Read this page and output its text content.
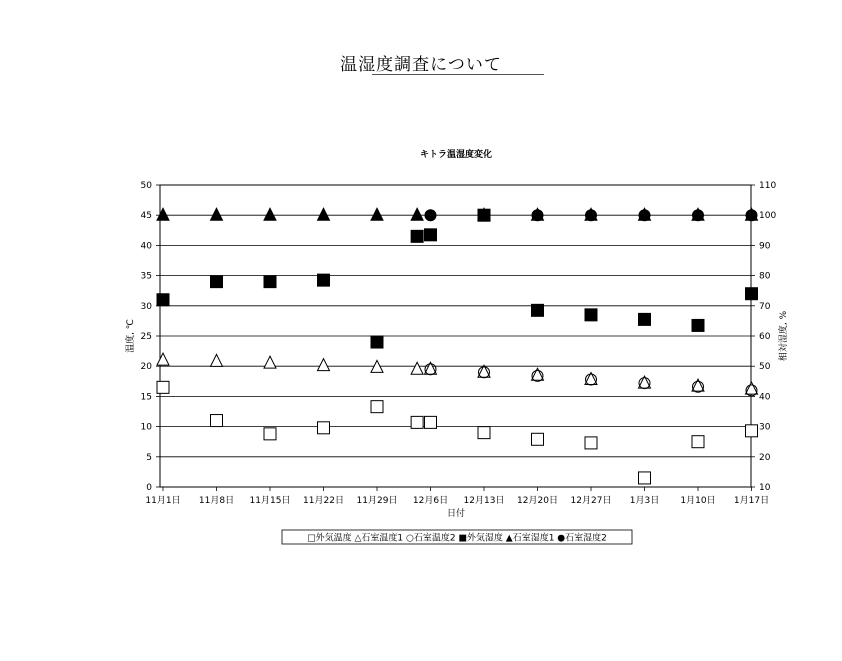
温湿度調査について
キトラ温湿度変化
0
5
10
15
20
25
30
35
40
45
50
10
20
30
40
50
60
70
80
90
100
110
11月1日 11月8日 11月15日 11月22日 11月29日 12月6日 12月13日 12月20日 12月27日 1月3日 1月10日 1月17日
日付
温度, ℃	相対湿度, %
□外気温度 △石室温度1 ○石室温度2 ■外気湿度 ▲石室湿度1 ●石室湿度2
